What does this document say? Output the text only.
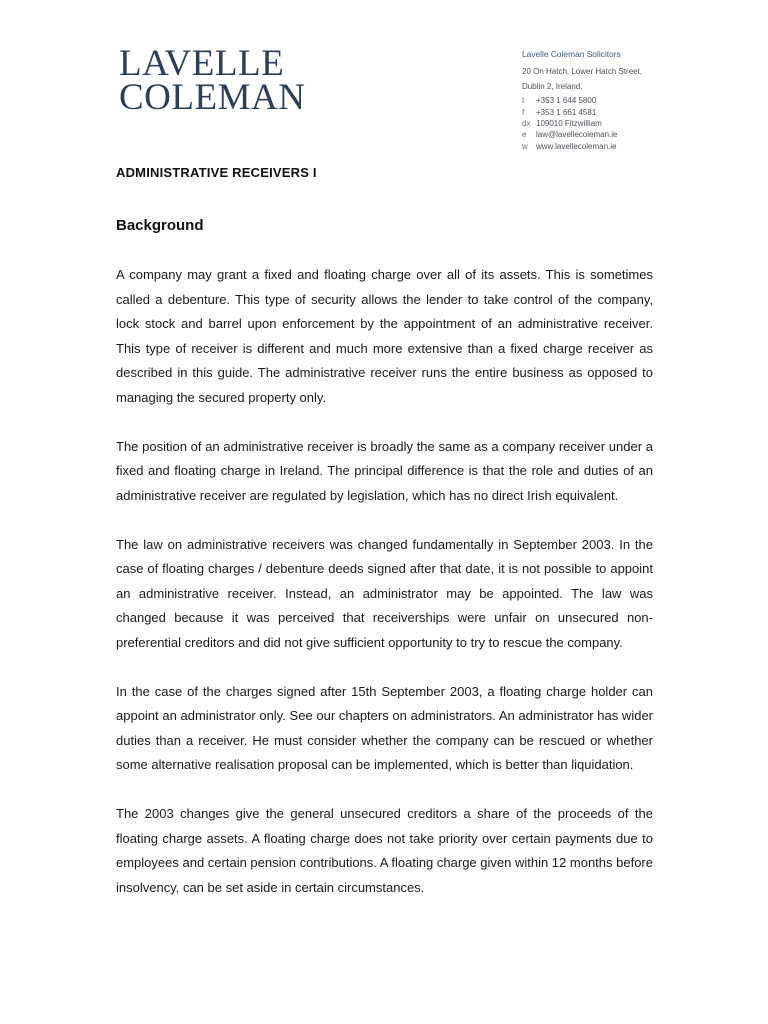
LAVELLE
COLEMAN
Lavelle Coleman Solicitors
20 On Hatch, Lower Hatch Street,
Dublin 2, Ireland.
t	+353 1 644 5800
f	+353 1 661 4581
dx 109010 Fitzwilliam
e	law@lavellecoleman.ie
w	www.lavellecoleman.ie
ADMINISTRATIVE RECEIVERS I
Background

A company may grant a fixed and floating charge over all of its assets. This is sometimes called a debenture. This type of security allows the lender to take control of the company, lock stock and barrel upon enforcement by the appointment of an administrative receiver. This type of receiver is different and much more extensive than a fixed charge receiver as described in this guide. The administrative receiver runs the entire business as opposed to managing the secured property only.

The position of an administrative receiver is broadly the same as a company receiver under a fixed and floating charge in Ireland. The principal difference is that the role and duties of an administrative receiver are regulated by legislation, which has no direct Irish equivalent.

The law on administrative receivers was changed fundamentally in September 2003. In the case of floating charges / debenture deeds signed after that date, it is not possible to appoint an administrative receiver. Instead, an administrator may be appointed. The law was changed because it was perceived that receiverships were unfair on unsecured non-preferential creditors and did not give sufficient opportunity to try to rescue the company.

In the case of the charges signed after 15th September 2003, a floating charge holder can appoint an administrator only. See our chapters on administrators. An administrator has wider duties than a receiver. He must consider whether the company can be rescued or whether some alternative realisation proposal can be implemented, which is better than liquidation.

The 2003 changes give the general unsecured creditors a share of the proceeds of the floating charge assets. A floating charge does not take priority over certain payments due to employees and certain pension contributions. A floating charge given within 12 months before insolvency, can be set aside in certain circumstances.
